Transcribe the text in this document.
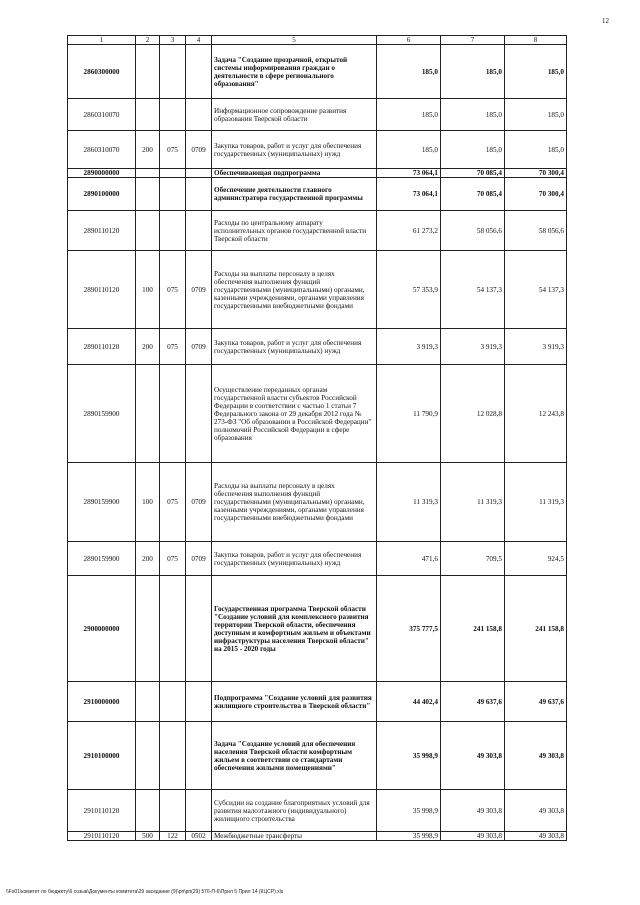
12
1	2	3	4	5	6	7	8
2860300000				Задача "Создание прозрачной, открытой системы информирования граждан о деятельности в сфере регионального образования"	185,0	185,0	185,0
2860310070				Информационное сопровождение развития образования Тверской области	185,0	185,0	185,0
2860310070	200	075	0709	Закупка товаров, работ и услуг для обеспечения государственных (муниципальных) нужд	185,0	185,0	185,0
2890000000				Обеспечивающая подпрограмма	73 064,1	70 085,4	70 300,4
2890100000				Обеспечение деятельности главного администратора государственной программы	73 064,1	70 085,4	70 300,4
2890110120				Расходы по центральному аппарату исполнительных органов государственной власти Тверской области	61 273,2	58 056,6	58 056,6
2890110120	100	075	0709	Расходы на выплаты персоналу в целях обеспечения выполнения функций государственными (муниципальными) органами, казенными учреждениями, органами управления государственными внебюджетными фондами	57 353,9	54 137,3	54 137,3
2890110120	200	075	0709	Закупка товаров, работ и услуг для обеспечения государственных (муниципальных) нужд	3 919,3	3 919,3	3 919,3
2890159900				Осуществление переданных органам государственной власти субъектов Российской Федерации в соответствии с частью 1 статьи 7 Федерального закона от 29 декабря 2012 года № 273-ФЗ "Об образовании в Российской Федерации" полномочий Российской Федерации в сфере образования	11 790,9	12 028,8	12 243,8
2890159900	100	075	0709	Расходы на выплаты персоналу в целях обеспечения выполнения функций государственными (муниципальными) органами, казенными учреждениями, органами управления государственными внебюджетными фондами	11 319,3	11 319,3	11 319,3
2890159900	200	075	0709	Закупка товаров, работ и услуг для обеспечения государственных (муниципальных) нужд	471,6	709,5	924,5
2900000000				Государственная программа Тверской области "Создание условий для комплексного развития территории Тверской области, обеспечения доступным и комфортным жильем и объектами инфраструктуры населения Тверской области" на 2015 - 2020 годы	375 777,5	241 158,8	241 158,8
2910000000				Подпрограмма "Создание условий для развития жилищного строительства в Тверской области"	44 402,4	49 637,6	49 637,6
2910100000				Задача "Создание условий для обеспечения населения Тверской области комфортным жильем в соответствии со стандартами обеспечения жилыми помещениями"	35 998,9	49 303,8	49 303,8
2910110120				Субсидии на создание благоприятных условий для развития малоэтажного (индивидуального) жилищного строительства	35 998,9	49 303,8	49 303,8
2910110120	500	122	0502	Межбюджетные трансферты	35 998,9	49 303,8	49 303,8
\\Fs01\комитет по бюджету\6 созыв\Документы комитета\29 заседание (9)\рп\рп(29) 576-П-6\Прил 5 Прил 14 (КЦСР).xls
